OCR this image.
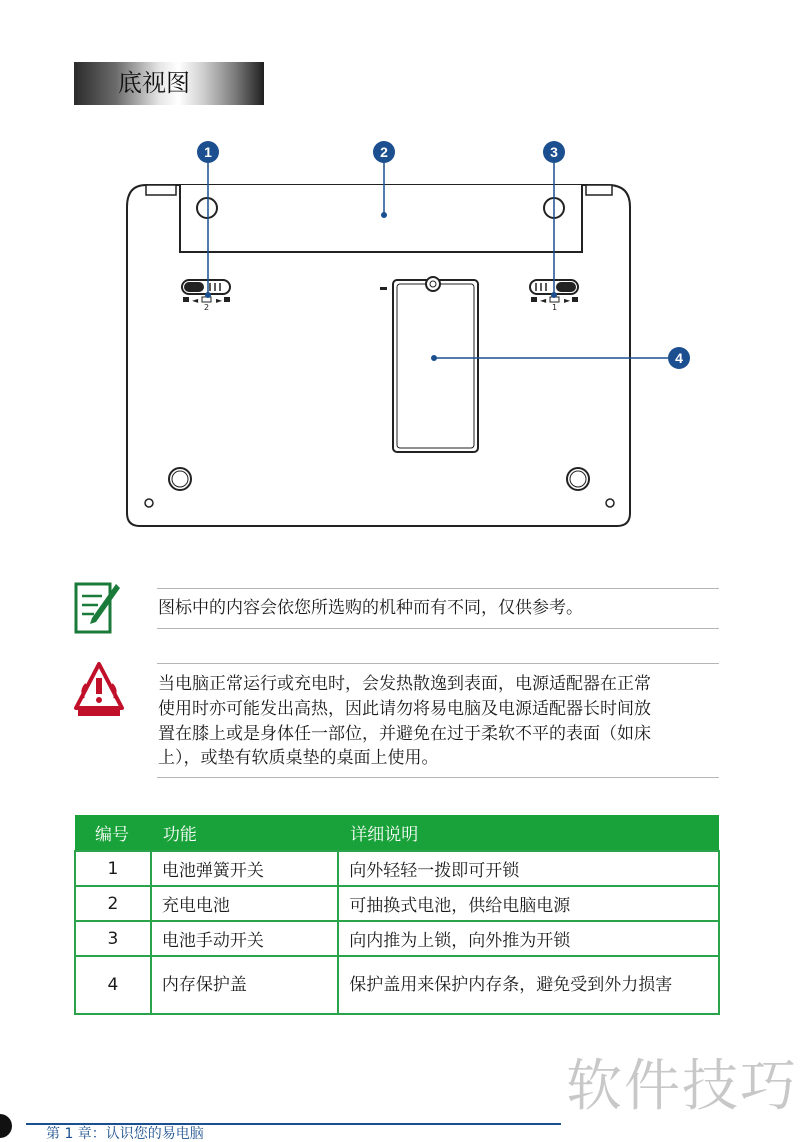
底视图
◄ ►
2
◄ ►
1
1	2	3
4
图标中的内容会依您所选购的机种而有不同，仅供参考。
当电脑正常运行或充电时，会发热散逸到表面，电源适配器在正常
使用时亦可能发出高热，因此请勿将易电脑及电源适配器长时间放
置在膝上或是身体任一部位，并避免在过于柔软不平的表面（如床
上），或垫有软质桌垫的桌面上使用。
编号	功能	详细说明
1	电池弹簧开关	向外轻轻一拨即可开锁
2	充电电池	可抽换式电池，供给电脑电源
3	电池手动开关	向内推为上锁，向外推为开锁
4	内存保护盖	保护盖用来保护内存条，避免受到外力损害
软件技巧
第 1 章：认识您的易电脑
